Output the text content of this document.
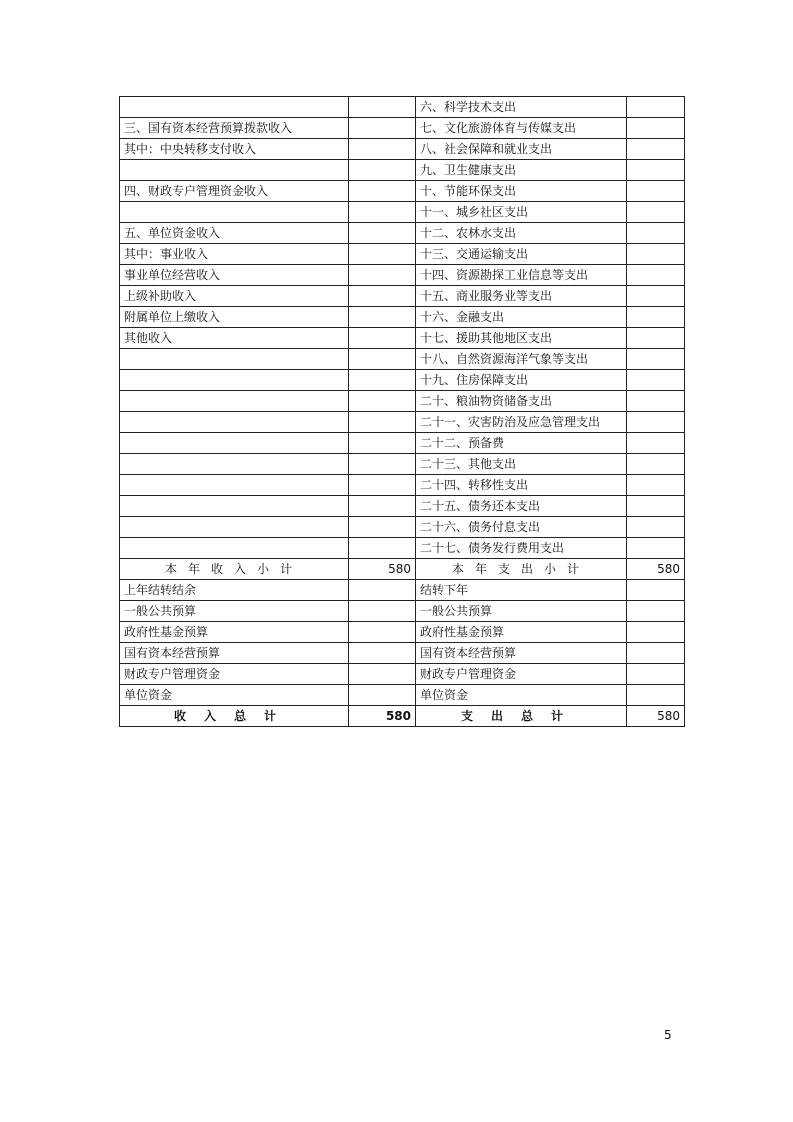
		六、科学技术支出	
三、国有资本经营预算拨款收入		七、文化旅游体育与传媒支出	
其中：中央转移支付收入		八、社会保障和就业支出	
		九、卫生健康支出	
四、财政专户管理资金收入		十、节能环保支出	
		十一、城乡社区支出	
五、单位资金收入		十二、农林水支出	
其中：事业收入		十三、交通运输支出	
事业单位经营收入		十四、资源勘探工业信息等支出	
上级补助收入		十五、商业服务业等支出	
附属单位上缴收入		十六、金融支出	
其他收入		十七、援助其他地区支出	
		十八、自然资源海洋气象等支出	
		十九、住房保障支出	
		二十、粮油物资储备支出	
		二十一、灾害防治及应急管理支出	
		二十二、预备费	
		二十三、其他支出	
		二十四、转移性支出	
		二十五、债务还本支出	
		二十六、债务付息支出	
		二十七、债务发行费用支出	
本年收入小计	580	本年支出小计	580
上年结转结余		结转下年	
一般公共预算		一般公共预算	
政府性基金预算		政府性基金预算	
国有资本经营预算		国有资本经营预算	
财政专户管理资金		财政专户管理资金	
单位资金		单位资金	
收入总计	580	支出总计	580
5
